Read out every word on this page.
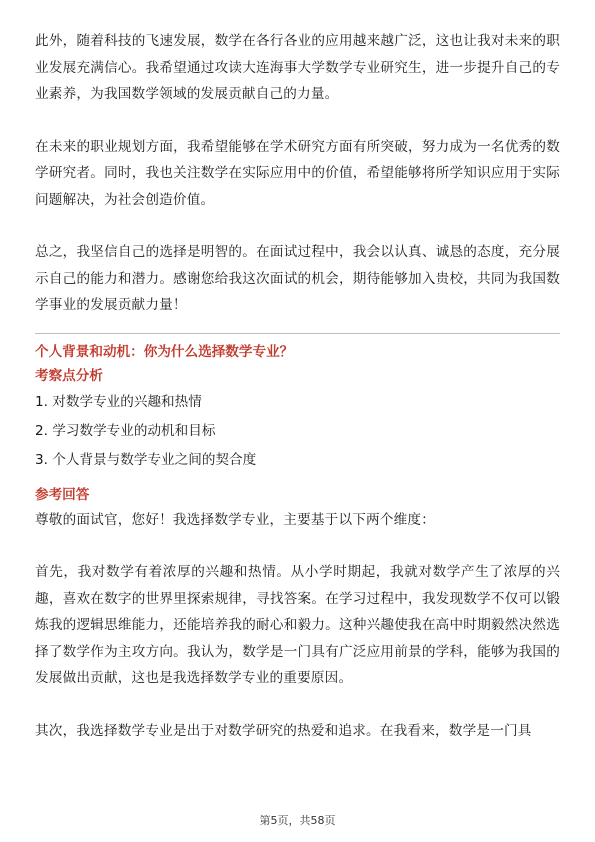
此外，随着科技的飞速发展，数学在各行各业的应用越来越广泛，这也让我对未来的职业发展充满信心。我希望通过攻读大连海事大学数学专业研究生，进一步提升自己的专业素养，为我国数学领域的发展贡献自己的力量。

在未来的职业规划方面，我希望能够在学术研究方面有所突破，努力成为一名优秀的数学研究者。同时，我也关注数学在实际应用中的价值，希望能够将所学知识应用于实际问题解决，为社会创造价值。

总之，我坚信自己的选择是明智的。在面试过程中，我会以认真、诚恳的态度，充分展示自己的能力和潜力。感谢您给我这次面试的机会，期待能够加入贵校，共同为我国数学事业的发展贡献力量！

个人背景和动机：你为什么选择数学专业？

考察点分析

1. 对数学专业的兴趣和热情
2. 学习数学专业的动机和目标
3. 个人背景与数学专业之间的契合度

参考回答

尊敬的面试官，您好！我选择数学专业，主要基于以下两个维度：

首先，我对数学有着浓厚的兴趣和热情。从小学时期起，我就对数学产生了浓厚的兴趣，喜欢在数字的世界里探索规律，寻找答案。在学习过程中，我发现数学不仅可以锻炼我的逻辑思维能力，还能培养我的耐心和毅力。这种兴趣使我在高中时期毅然决然选择了数学作为主攻方向。我认为，数学是一门具有广泛应用前景的学科，能够为我国的发展做出贡献，这也是我选择数学专业的重要原因。

其次，我选择数学专业是出于对数学研究的热爱和追求。在我看来，数学是一门具

第5页，共58页
